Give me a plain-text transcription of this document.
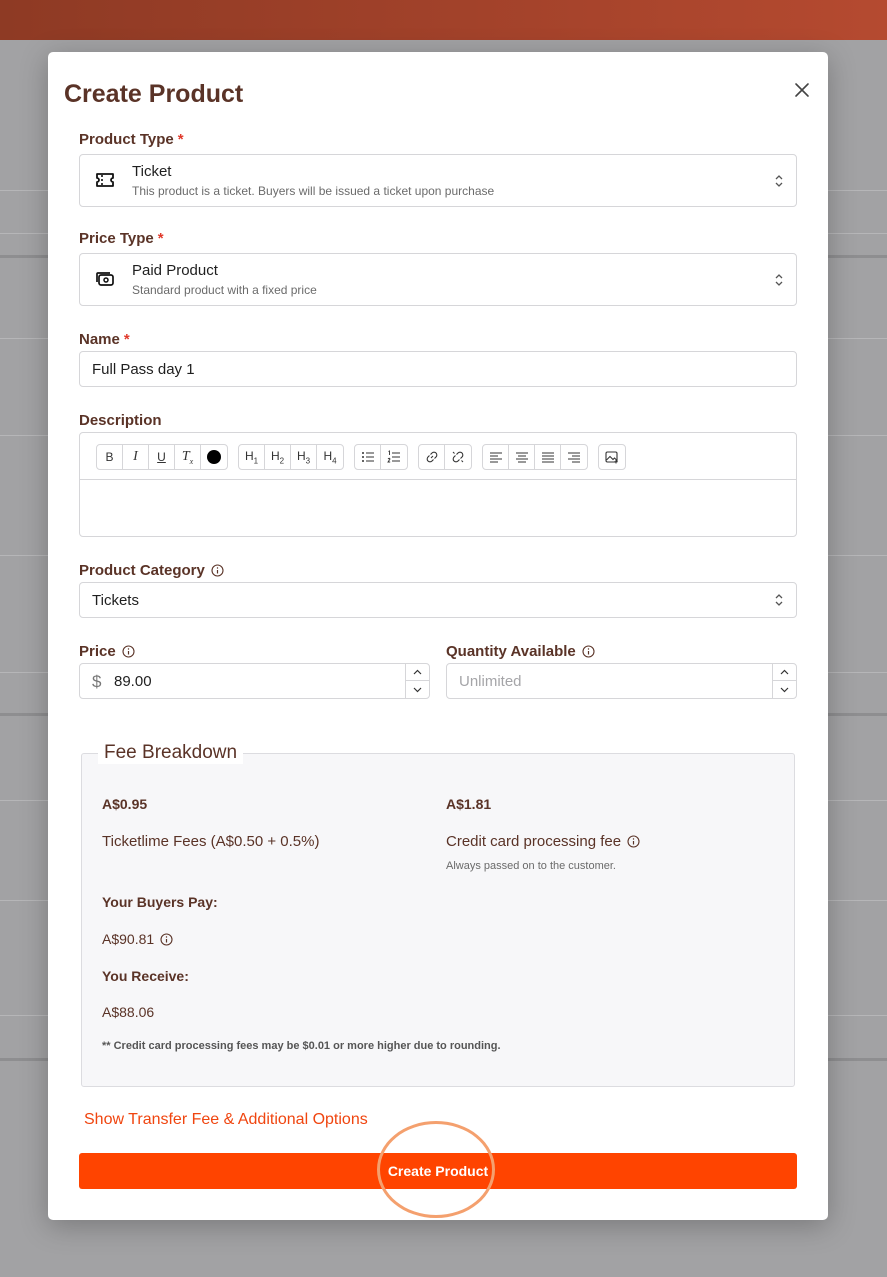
Create Product
Product Type *
Ticket
This product is a ticket. Buyers will be issued a ticket upon purchase
Price Type *
Paid Product
Standard product with a fixed price
Name *
Full Pass day 1
Description
B I U $T_x$	$H_1$ $H_2$ $H_3$ $H_4$
Product Category
Tickets
Price
$ 89.00
Quantity Available
Unlimited
Fee Breakdown
A$0.95
Ticketlime Fees (A$0.50 + 0.5%)
A$1.81
Credit card processing fee
Always passed on to the customer.
Your Buyers Pay:
A$90.81
You Receive:
A$88.06
** Credit card processing fees may be $0.01 or more higher due to rounding.
Show Transfer Fee & Additional Options
Create Product
